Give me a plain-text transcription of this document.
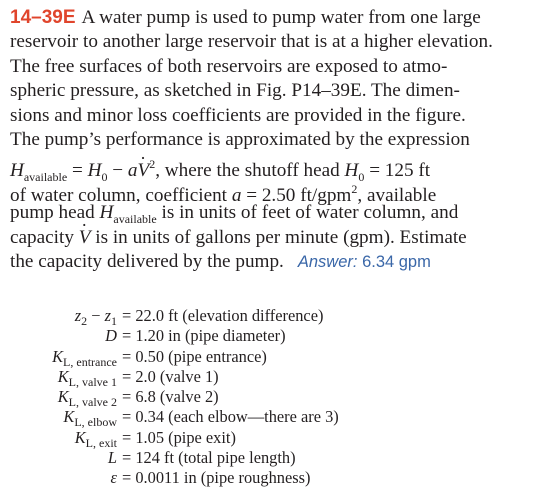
14–39E A water pump is used to pump water from one large
reservoir to another large reservoir that is at a higher elevation.
The free surfaces of both reservoirs are exposed to atmo-
spheric pressure, as sketched in Fig. P14–39E. The dimen-
sions and minor loss coefficients are provided in the figure.
The pump’s performance is approximated by the expression
$H_{available} = H_0$ − aV ·$^2$, where the shutoff head $H_0 = 125$ ft
of water column, coefficient a = 2.50 ft/gpm$^2$, available
pump head $H_{available}$ is in units of feet of water column, and
capacity V · is in units of gallons per minute (gpm). Estimate
the capacity delivered by the pump. Answer: 6.34 gpm
$z_2 - z_1 = 22.0$ ft (elevation difference)
D = 1.20 in (pipe diameter)
$K_{L, entrance} = 0.50$ (pipe entrance)
$K_{L, valve 1} = 2.0$ (valve 1)
$K_{L, valve 2} = 6.8$ (valve 2)
$K_{L, elbow} = 0.34$ (each elbow—there are 3)
$K_{L, exit} = 1.05$ (pipe exit)
L = 124 ft (total pipe length)
ε = 0.0011 in (pipe roughness)
